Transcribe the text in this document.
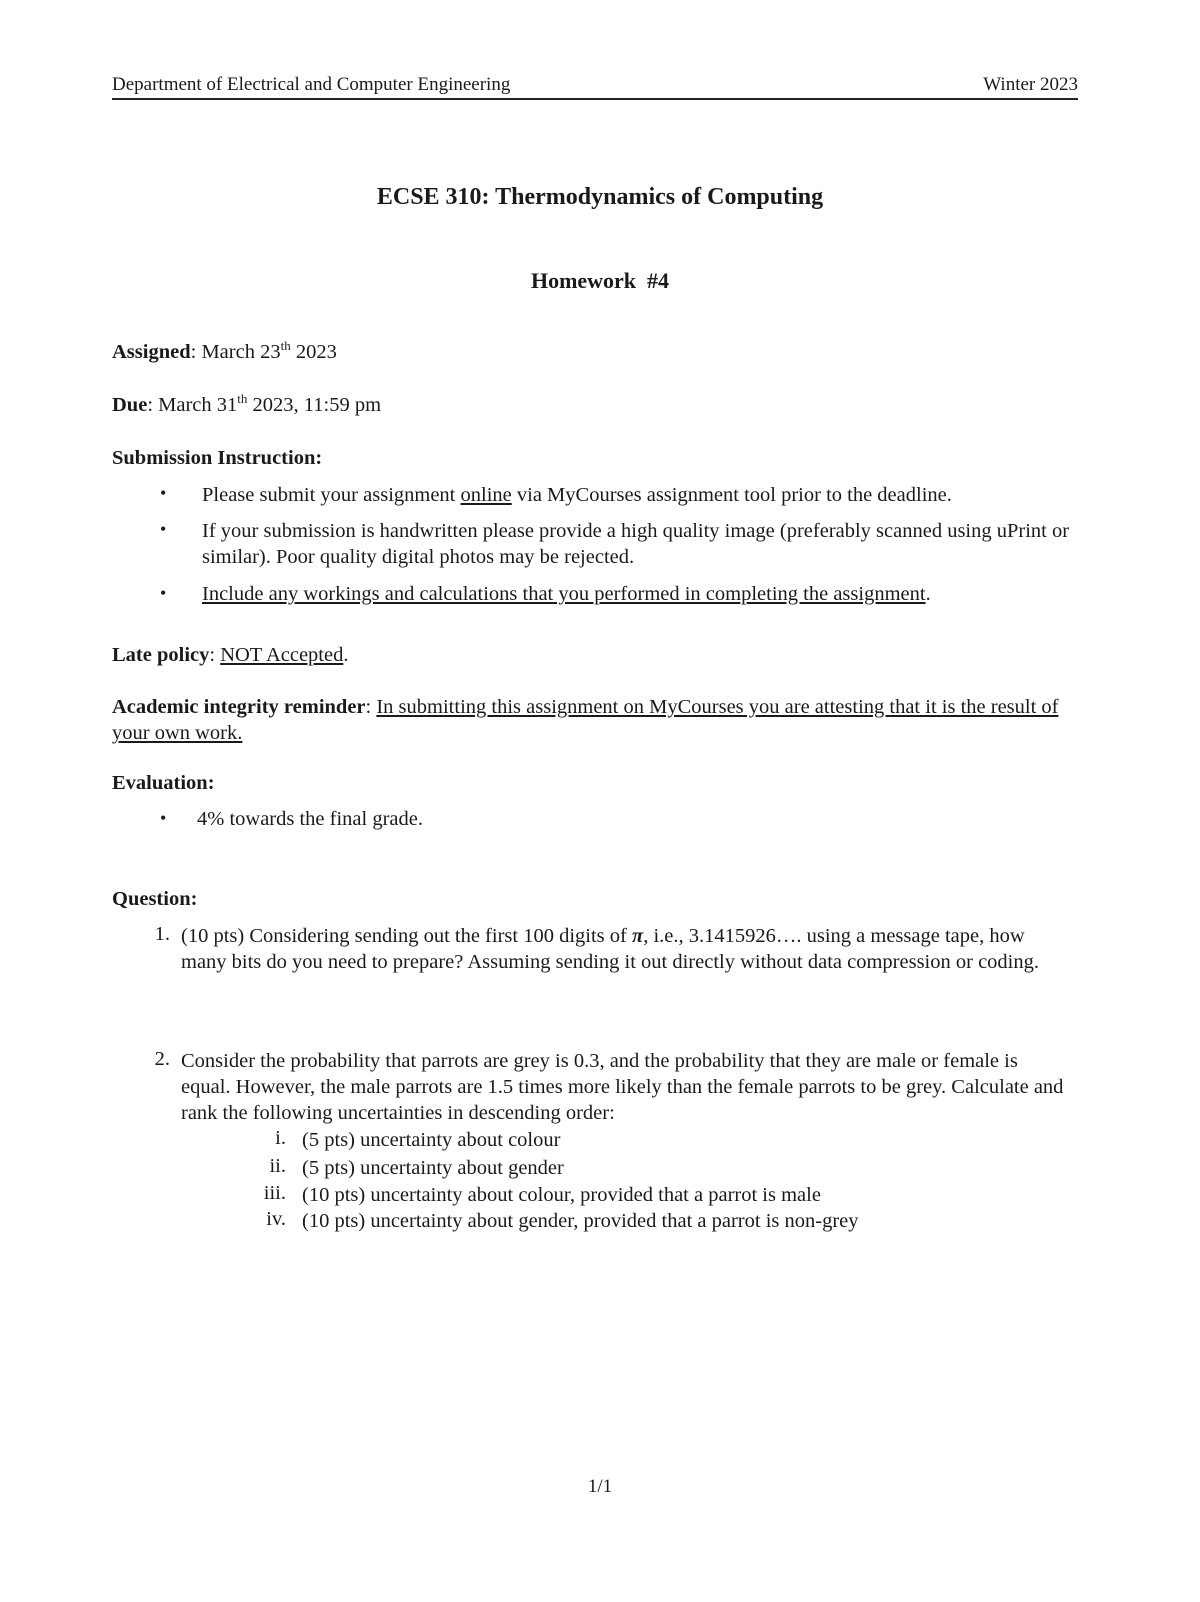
Department of Electrical and Computer Engineering	Winter 2023
ECSE 310: Thermodynamics of Computing
Homework  #4
Assigned: March 23th 2023
Due: March 31th 2023, 11:59 pm
Submission Instruction:
• Please submit your assignment online via MyCourses assignment tool prior to the deadline.
• If your submission is handwritten please provide a high quality image (preferably scanned using uPrint or similar). Poor quality digital photos may be rejected.
• Include any workings and calculations that you performed in completing the assignment.
Late policy: NOT Accepted.
Academic integrity reminder: In submitting this assignment on MyCourses you are attesting that it is the result of your own work.
Evaluation:
• 4% towards the final grade.
Question:
1. (10 pts) Considering sending out the first 100 digits of π, i.e., 3.1415926…. using a message tape, how many bits do you need to prepare? Assuming sending it out directly without data compression or coding.
2. Consider the probability that parrots are grey is 0.3, and the probability that they are male or female is equal. However, the male parrots are 1.5 times more likely than the female parrots to be grey. Calculate and rank the following uncertainties in descending order:
i. (5 pts) uncertainty about colour
ii. (5 pts) uncertainty about gender
iii. (10 pts) uncertainty about colour, provided that a parrot is male
iv. (10 pts) uncertainty about gender, provided that a parrot is non-grey
1/1
